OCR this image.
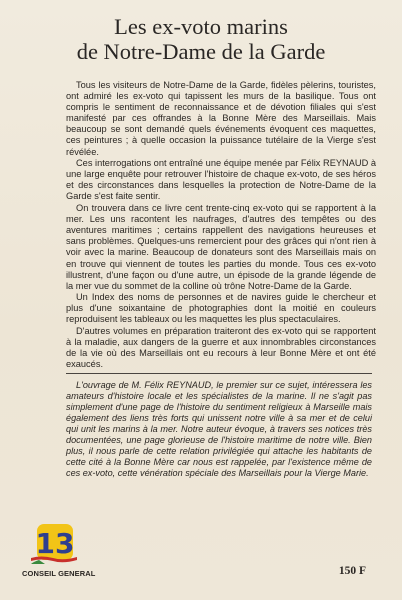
Les ex-voto marins
de Notre-Dame de la Garde

Tous les visiteurs de Notre-Dame de la Garde, fidèles pèlerins, touristes, ont admiré les ex-voto qui tapissent les murs de la basilique. Tous ont compris le sentiment de reconnaissance et de dévotion filiales qui s'est manifesté par ces offrandes à la Bonne Mère des Marseillais. Mais beaucoup se sont demandé quels événements évoquent ces maquettes, ces peintures ; à quelle occasion la puissance tutélaire de la Vierge s'est révélée.

Ces interrogations ont entraîné une équipe menée par Félix REYNAUD à une large enquête pour retrouver l'histoire de chaque ex-voto, de ses héros et des circonstances dans lesquelles la protection de Notre-Dame de la Garde s'est faite sentir.

On trouvera dans ce livre cent trente-cinq ex-voto qui se rapportent à la mer. Les uns racontent les naufrages, d'autres des tempêtes ou des aventures maritimes ; certains rappellent des navigations heureuses et sans problèmes. Quelques-uns remercient pour des grâces qui n'ont rien à voir avec la marine. Beaucoup de donateurs sont des Marseillais mais on en trouve qui viennent de toutes les parties du monde. Tous ces ex-voto illustrent, d'une façon ou d'une autre, un épisode de la grande légende de la mer vue du sommet de la colline où trône Notre-Dame de la Garde.

Un Index des noms de personnes et de navires guide le chercheur et plus d'une soixantaine de photographies dont la moitié en couleurs reproduisent les tableaux ou les maquettes les plus spectaculaires.

D'autres volumes en préparation traiteront des ex-voto qui se rapportent à la maladie, aux dangers de la guerre et aux innombrables circonstances de la vie où des Marseillais ont eu recours à leur Bonne Mère et ont été exaucés.

L'ouvrage de M. Félix REYNAUD, le premier sur ce sujet, intéressera les amateurs d'histoire locale et les spécialistes de la marine. Il ne s'agit pas simplement d'une page de l'histoire du sentiment religieux à Marseille mais également des liens très forts qui unissent notre ville à sa mer et de celui qui unit les marins à la mer. Notre auteur évoque, à travers ses notices très documentées, une page glorieuse de l'histoire maritime de notre ville. Bien plus, il nous parle de cette relation privilégiée qui attache les habitants de cette cité à la Bonne Mère car nous est rappelée, par l'existence même de ces ex-voto, cette vénération spéciale des Marseillais pour la Vierge Marie.
13
CONSEIL GENERAL	150 F
